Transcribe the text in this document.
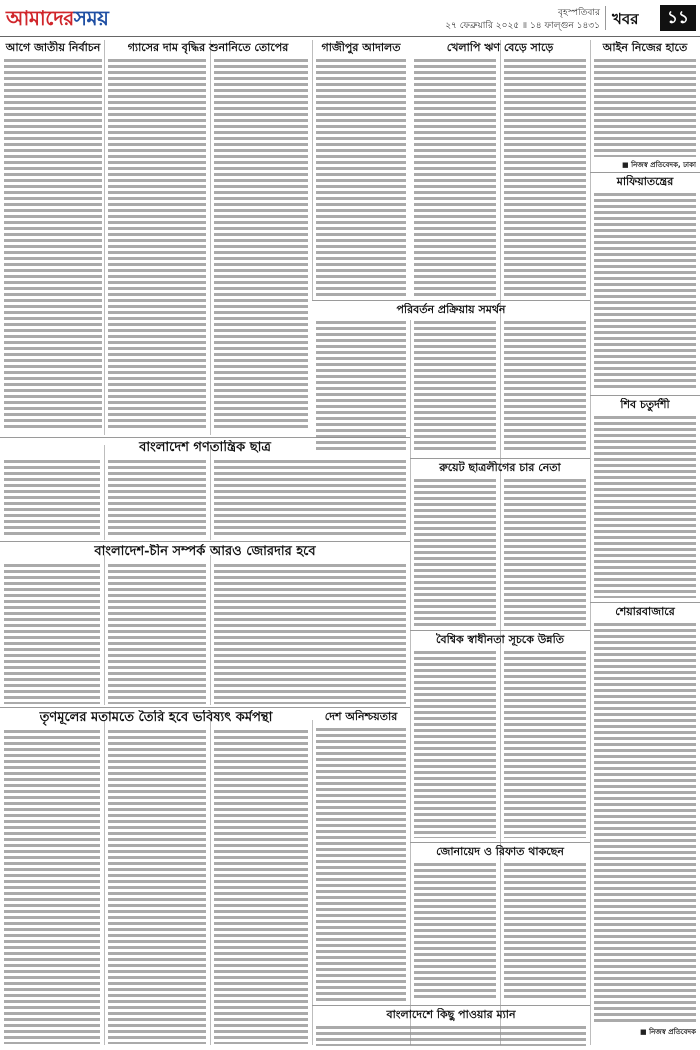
আমাদেরসময়	বৃহস্পতিবার
২৭ ফেব্রুয়ারি ২০২৫ ॥ ১৪ ফাল্গুন ১৪৩১ খবর	১১
আগে জাতীয় নির্বাচন	গ্যাসের দাম বৃদ্ধির শুনানিতে তোপের	গাজীপুর আদালত	খেলাপি ঋণ বেড়ে সাড়ে	আইন নিজের হাতে
■ নিজস্ব প্রতিবেদক, ঢাকা
মাফিয়াতন্ত্রের
পরিবর্তন প্রক্রিয়ায় সমর্থন
বাংলাদেশ গণতান্ত্রিক ছাত্র
রুয়েট ছাত্রলীগের চার নেতা
শিব চতুর্দশী
বাংলাদেশ-চীন সম্পর্ক আরও জোরদার হবে
বৈশ্বিক স্বাধীনতা সূচকে উন্নতি
শেয়ারবাজারে
■ নিজস্ব প্রতিবেদক
জোনায়েদ ও রিফাত থাকছেন
তৃণমূলের মতামতে তৈরি হবে ভবিষ্যৎ কর্মপন্থা	দেশ অনিশ্চয়তার
বাংলাদেশে কিছু পাওয়ার ম্যান
